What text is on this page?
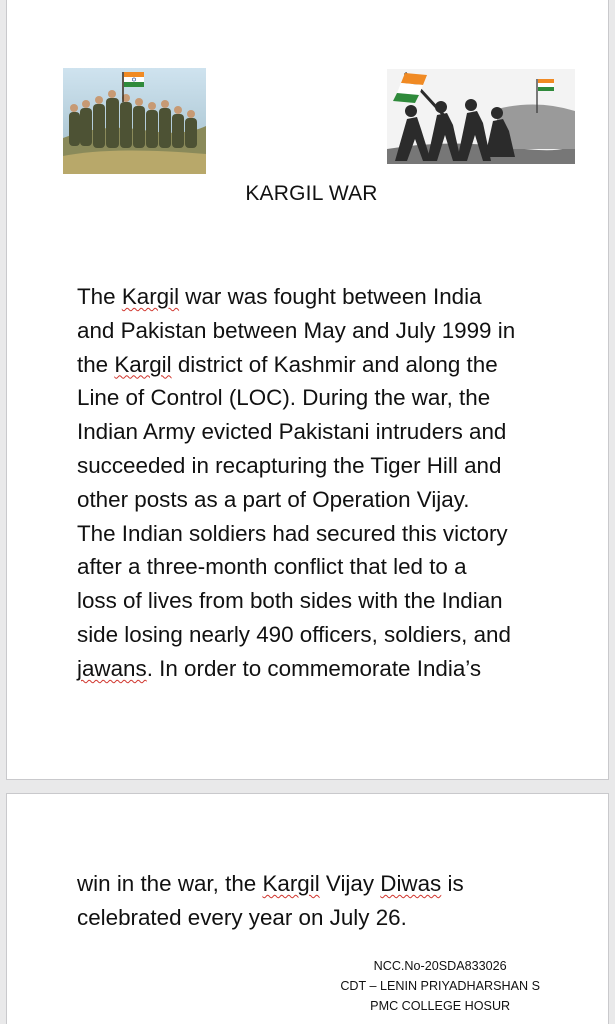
KARGIL WAR
The Kargil war was fought between India
and Pakistan between May and July 1999 in
the Kargil district of Kashmir and along the
Line of Control (LOC). During the war, the
Indian Army evicted Pakistani intruders and
succeeded in recapturing the Tiger Hill and
other posts as a part of Operation Vijay.
The Indian soldiers had secured this victory
after a three-month conflict that led to a
loss of lives from both sides with the Indian
side losing nearly 490 officers, soldiers, and
jawans. In order to commemorate India’s
win in the war, the Kargil Vijay Diwas is
celebrated every year on July 26.
NCC.No-20SDA833026
CDT – LENIN PRIYADHARSHAN S
PMC COLLEGE HOSUR
